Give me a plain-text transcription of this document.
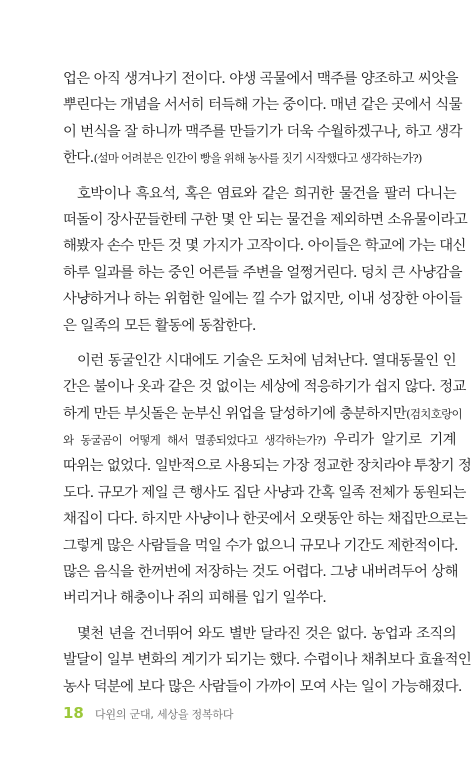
업은 아직 생겨나기 전이다. 야생 곡물에서 맥주를 양조하고 씨앗을
뿌린다는 개념을 서서히 터득해 가는 중이다. 매년 같은 곳에서 식물
이 번식을 잘 하니까 맥주를 만들기가 더욱 수월하겠구나, 하고 생각
한다.(설마 어려분은 인간이 빵을 위해 농사를 짓기 시작했다고 생각하는가?)
호박이나 흑요석, 혹은 염료와 같은 희귀한 물건을 팔러 다니는
떠돌이 장사꾼들한테 구한 몇 안 되는 물건을 제외하면 소유물이라고
해봤자 손수 만든 것 몇 가지가 고작이다. 아이들은 학교에 가는 대신
하루 일과를 하는 중인 어른들 주변을 얼쩡거린다. 덩치 큰 사냥감을
사냥하거나 하는 위험한 일에는 낄 수가 없지만, 이내 성장한 아이들
은 일족의 모든 활동에 동참한다.
이런 동굴인간 시대에도 기술은 도처에 넘쳐난다. 열대동물인 인
간은 불이나 옷과 같은 것 없이는 세상에 적응하기가 쉽지 않다. 정교
하게 만든 부싯돌은 눈부신 위업을 달성하기에 충분하지만(검치호랑이
와 동굴곰이 어떻게 해서 멸종되었다고 생각하는가?) 우리가 알기로 기계
따위는 없었다. 일반적으로 사용되는 가장 정교한 장치라야 투창기 정
도다. 규모가 제일 큰 행사도 집단 사냥과 간혹 일족 전체가 동원되는
채집이 다다. 하지만 사냥이나 한곳에서 오랫동안 하는 채집만으로는
그렇게 많은 사람들을 먹일 수가 없으니 규모나 기간도 제한적이다.
많은 음식을 한꺼번에 저장하는 것도 어렵다. 그냥 내버려두어 상해
버리거나 해충이나 쥐의 피해를 입기 일쑤다.
몇천 년을 건너뛰어 와도 별반 달라진 것은 없다. 농업과 조직의
발달이 일부 변화의 계기가 되기는 했다. 수렵이나 채취보다 효율적인
농사 덕분에 보다 많은 사람들이 가까이 모여 사는 일이 가능해졌다.
18 다윈의 군대, 세상을 정복하다
